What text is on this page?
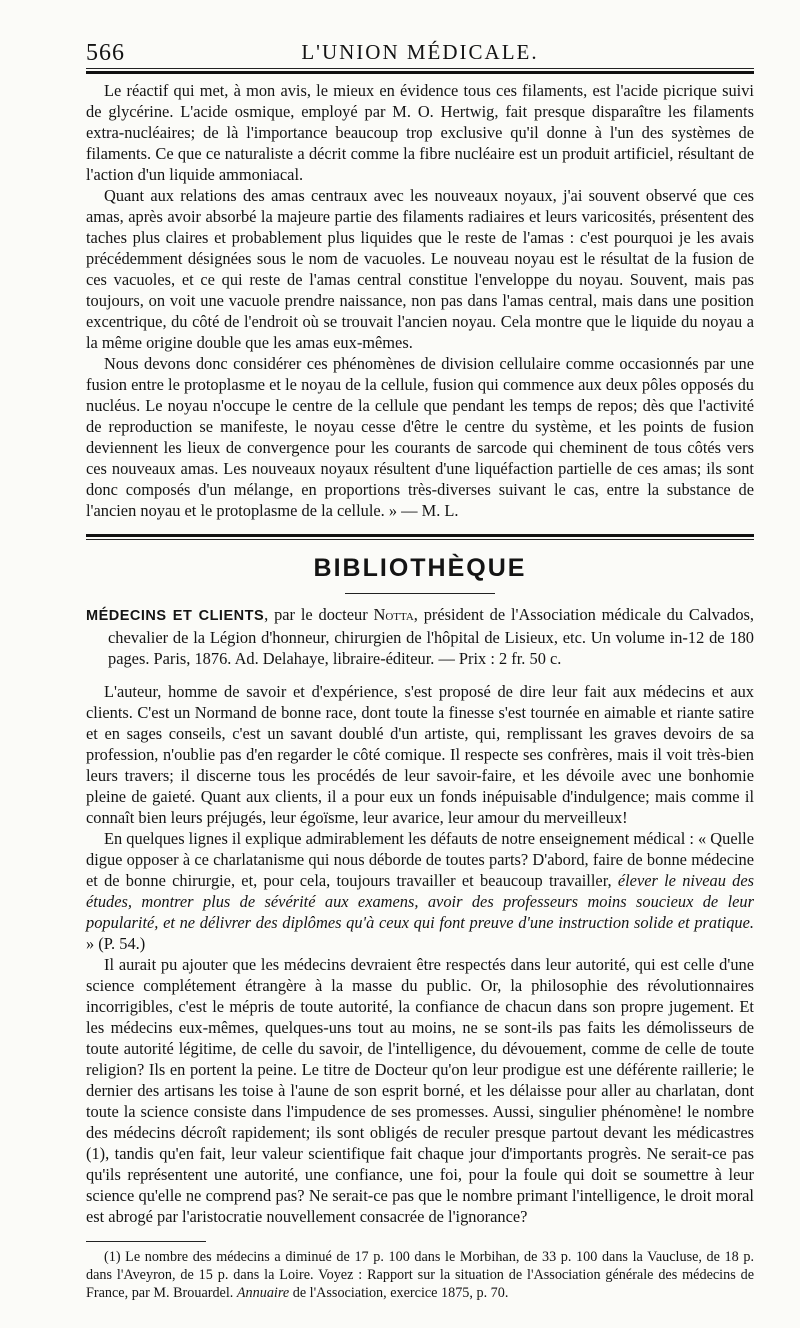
566	L'UNION MÉDICALE.

Le réactif qui met, à mon avis, le mieux en évidence tous ces filaments, est l'acide picrique suivi de glycérine. L'acide osmique, employé par M. O. Hertwig, fait presque disparaître les filaments extra-nucléaires; de là l'importance beaucoup trop exclusive qu'il donne à l'un des systèmes de filaments. Ce que ce naturaliste a décrit comme la fibre nucléaire est un produit artificiel, résultant de l'action d'un liquide ammoniacal.

Quant aux relations des amas centraux avec les nouveaux noyaux, j'ai souvent observé que ces amas, après avoir absorbé la majeure partie des filaments radiaires et leurs varicosités, présentent des taches plus claires et probablement plus liquides que le reste de l'amas : c'est pourquoi je les avais précédemment désignées sous le nom de vacuoles. Le nouveau noyau est le résultat de la fusion de ces vacuoles, et ce qui reste de l'amas central constitue l'enveloppe du noyau. Souvent, mais pas toujours, on voit une vacuole prendre naissance, non pas dans l'amas central, mais dans une position excentrique, du côté de l'endroit où se trouvait l'ancien noyau. Cela montre que le liquide du noyau a la même origine double que les amas eux-mêmes.

Nous devons donc considérer ces phénomènes de division cellulaire comme occasionnés par une fusion entre le protoplasme et le noyau de la cellule, fusion qui commence aux deux pôles opposés du nucléus. Le noyau n'occupe le centre de la cellule que pendant les temps de repos; dès que l'activité de reproduction se manifeste, le noyau cesse d'être le centre du système, et les points de fusion deviennent les lieux de convergence pour les courants de sarcode qui cheminent de tous côtés vers ces nouveaux amas. Les nouveaux noyaux résultent d'une liquéfaction partielle de ces amas; ils sont donc composés d'un mélange, en proportions très-diverses suivant le cas, entre la substance de l'ancien noyau et le protoplasme de la cellule. » — M. L.

BIBLIOTHÈQUE

MÉDECINS ET CLIENTS, par le docteur Notta, président de l'Association médicale du Calvados, chevalier de la Légion d'honneur, chirurgien de l'hôpital de Lisieux, etc. Un volume in-12 de 180 pages. Paris, 1876. Ad. Delahaye, libraire-éditeur. — Prix : 2 fr. 50 c.

L'auteur, homme de savoir et d'expérience, s'est proposé de dire leur fait aux médecins et aux clients. C'est un Normand de bonne race, dont toute la finesse s'est tournée en aimable et riante satire et en sages conseils, c'est un savant doublé d'un artiste, qui, remplissant les graves devoirs de sa profession, n'oublie pas d'en regarder le côté comique. Il respecte ses confrères, mais il voit très-bien leurs travers; il discerne tous les procédés de leur savoir-faire, et les dévoile avec une bonhomie pleine de gaieté. Quant aux clients, il a pour eux un fonds inépuisable d'indulgence; mais comme il connaît bien leurs préjugés, leur égoïsme, leur avarice, leur amour du merveilleux!

En quelques lignes il explique admirablement les défauts de notre enseignement médical : « Quelle digue opposer à ce charlatanisme qui nous déborde de toutes parts? D'abord, faire de bonne médecine et de bonne chirurgie, et, pour cela, toujours travailler et beaucoup travailler, élever le niveau des études, montrer plus de sévérité aux examens, avoir des professeurs moins soucieux de leur popularité, et ne délivrer des diplômes qu'à ceux qui font preuve d'une instruction solide et pratique. » (P. 54.)

Il aurait pu ajouter que les médecins devraient être respectés dans leur autorité, qui est celle d'une science complétement étrangère à la masse du public. Or, la philosophie des révolutionnaires incorrigibles, c'est le mépris de toute autorité, la confiance de chacun dans son propre jugement. Et les médecins eux-mêmes, quelques-uns tout au moins, ne se sont-ils pas faits les démolisseurs de toute autorité légitime, de celle du savoir, de l'intelligence, du dévouement, comme de celle de toute religion? Ils en portent la peine. Le titre de Docteur qu'on leur prodigue est une déférente raillerie; le dernier des artisans les toise à l'aune de son esprit borné, et les délaisse pour aller au charlatan, dont toute la science consiste dans l'impudence de ses promesses. Aussi, singulier phénomène! le nombre des médecins décroît rapidement; ils sont obligés de reculer presque partout devant les médicastres (1), tandis qu'en fait, leur valeur scientifique fait chaque jour d'importants progrès. Ne serait-ce pas qu'ils représentent une autorité, une confiance, une foi, pour la foule qui doit se soumettre à leur science qu'elle ne comprend pas? Ne serait-ce pas que le nombre primant l'intelligence, le droit moral est abrogé par l'aristocratie nouvellement consacrée de l'ignorance?

(1) Le nombre des médecins a diminué de 17 p. 100 dans le Morbihan, de 33 p. 100 dans la Vaucluse, de 18 p. dans l'Aveyron, de 15 p. dans la Loire. Voyez : Rapport sur la situation de l'Association générale des médecins de France, par M. Brouardel. Annuaire de l'Association, exercice 1875, p. 70.
